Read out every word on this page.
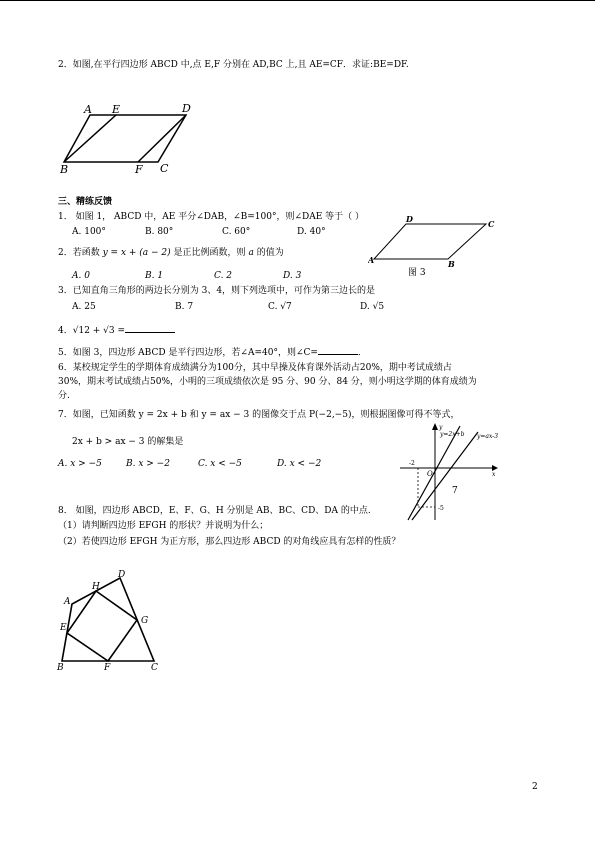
2．如图,在平行四边形 ABCD 中,点 E,F 分别在 AD,BC 上,且 AE=CF．求证:BE=DF.
A E	D
B	F C
三、精练反馈
1． 如图 1， ABCD 中，AE 平分∠DAB，∠B=100°，则∠DAE 等于（ ）
A. 100°	B. 80°	C. 60°	D. 40°
D	C
A	B
图 3
2．若函数 y = x + (a − 2) 是正比例函数，则 a 的值为
A. 0	B. 1	C. 2	D. 3
3．已知直角三角形的两边长分别为 3、4，则下列选项中，可作为第三边长的是
A. 25	B. 7	C. √7	D. √5
4．√12 + √3 =
5．如图 3，四边形 ABCD 是平行四边形，若∠A=40°，则∠C=	．
6．某校规定学生的学期体育成绩满分为100分，其中早操及体育课外活动占20%，期中考试成绩占
30%，期末考试成绩占50%，小明的三项成绩依次是 95 分、90 分、84 分，则小明这学期的体育成绩为
分.
7．如图，已知函数 y = 2x + b 和 y = ax − 3 的图像交于点 P(−2,−5)，则根据图像可得不等式，
2x + b > ax − 3 的解集是
A. x > −5	B. x > −2	C. x < −5	D. x < −2
y=2x+b y=ax-3
y
x
O
-2
-5
7
8． 如图，四边形 ABCD，E、F、G、H 分别是 AB、BC、CD、DA 的中点.
（1）请判断四边形 EFGH 的形状？并说明为什么；
（2）若使四边形 EFGH 为正方形，那么四边形 ABCD 的对角线应具有怎样的性质？
D
H
A
G
E
B	F	C
2
